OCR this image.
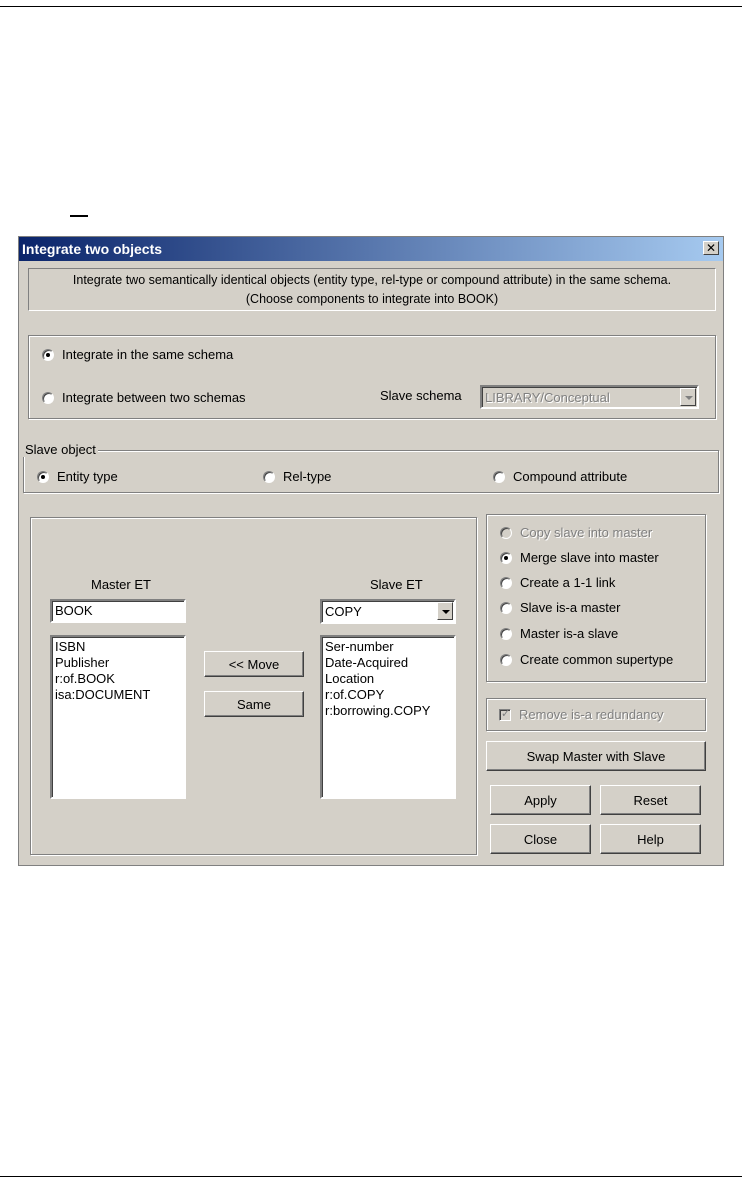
Integrate two objects	✕
Integrate two semantically identical objects (entity type, rel-type or compound attribute) in the same schema.
(Choose components to integrate into BOOK)
Integrate in the same schema
Integrate between two schemas	Slave schema LIBRARY/Conceptual
Slave object
Entity type	Rel-type	Compound attribute
Master ET
BOOK
ISBN
Publisher
r:of.BOOK
isa:DOCUMENT
<< Move
Same
Slave ET
COPY
Ser-number
Date-Acquired
Location
r:of.COPY
r:borrowing.COPY
Copy slave into master
Merge slave into master
Create a 1-1 link
Slave is-a master
Master is-a slave
Create common supertype
✓
Remove is-a redundancy
Swap Master with Slave
Apply	Reset
Close	Help
